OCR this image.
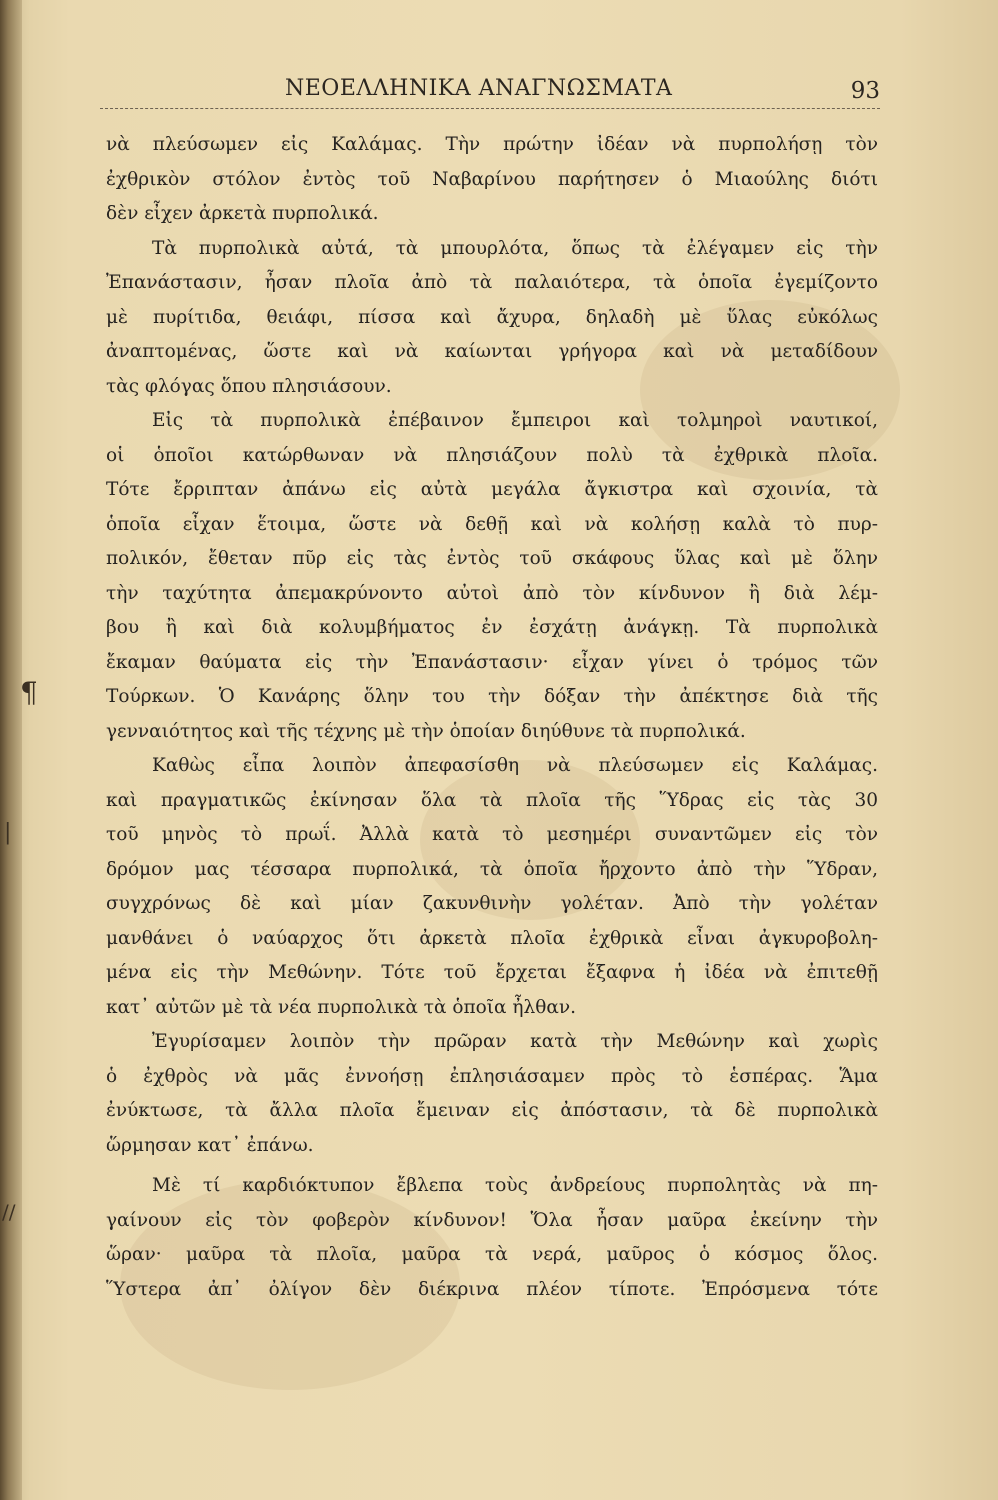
¶
|
//
ΝΕΟΕΛΛΗΝΙΚΑ ΑΝΑΓΝΩΣΜΑΤΑ	93
νὰ πλεύσωμεν εἰς Καλάμας. Τὴν πρώτην ἰδέαν νὰ πυρπολήσῃ τὸν
ἐχθρικὸν στόλον ἐντὸς τοῦ Ναβαρίνου παρήτησεν ὁ Μιαούλης διότι
δὲν εἶχεν ἀρκετὰ πυρπολικά.
Τὰ πυρπολικὰ αὐτά, τὰ μπουρλότα, ὅπως τὰ ἐλέγαμεν εἰς τὴν
Ἐπανάστασιν, ἦσαν πλοῖα ἀπὸ τὰ παλαιότερα, τὰ ὁποῖα ἐγεμίζοντο
μὲ πυρίτιδα, θειάφι, πίσσα καὶ ἄχυρα, δηλαδὴ μὲ ὕλας εὐκόλως
ἀναπτομένας, ὥστε καὶ νὰ καίωνται γρήγορα καὶ νὰ μεταδίδουν
τὰς φλόγας ὅπου πλησιάσουν.
Εἰς τὰ πυρπολικὰ ἐπέβαινον ἔμπειροι καὶ τολμηροὶ ναυτικοί,
οἱ ὁποῖοι κατώρθωναν νὰ πλησιάζουν πολὺ τὰ ἐχθρικὰ πλοῖα.
Τότε ἔρριπταν ἀπάνω εἰς αὐτὰ μεγάλα ἄγκιστρα καὶ σχοινία, τὰ
ὁποῖα εἶχαν ἕτοιμα, ὥστε νὰ δεθῇ καὶ νὰ κολήσῃ καλὰ τὸ πυρ-
πολικόν, ἔθεταν πῦρ εἰς τὰς ἐντὸς τοῦ σκάφους ὕλας καὶ μὲ ὅλην
τὴν ταχύτητα ἀπεμακρύνοντο αὐτοὶ ἀπὸ τὸν κίνδυνον ἢ διὰ λέμ-
βου ἢ καὶ διὰ κολυμβήματος ἐν ἐσχάτῃ ἀνάγκῃ. Τὰ πυρπολικὰ
ἔκαμαν θαύματα εἰς τὴν Ἐπανάστασιν· εἶχαν γίνει ὁ τρόμος τῶν
Τούρκων. Ὁ Κανάρης ὅλην του τὴν δόξαν τὴν ἀπέκτησε διὰ τῆς
γενναιότητος καὶ τῆς τέχνης μὲ τὴν ὁποίαν διηύθυνε τὰ πυρπολικά.
Καθὼς εἶπα λοιπὸν ἀπεφασίσθη νὰ πλεύσωμεν εἰς Καλάμας.
καὶ πραγματικῶς ἐκίνησαν ὅλα τὰ πλοῖα τῆς Ὕδρας εἰς τὰς 30
τοῦ μηνὸς τὸ πρωΐ. Ἀλλὰ κατὰ τὸ μεσημέρι συναντῶμεν εἰς τὸν
δρόμον μας τέσσαρα πυρπολικά, τὰ ὁποῖα ἤρχοντο ἀπὸ τὴν Ὕδραν,
συγχρόνως δὲ καὶ μίαν ζακυνθινὴν γολέταν. Ἀπὸ τὴν γολέταν
μανθάνει ὁ ναύαρχος ὅτι ἀρκετὰ πλοῖα ἐχθρικὰ εἶναι ἀγκυροβολη-
μένα εἰς τὴν Μεθώνην. Τότε τοῦ ἔρχεται ἔξαφνα ἡ ἰδέα νὰ ἐπιτεθῇ
κατ᾽ αὐτῶν μὲ τὰ νέα πυρπολικὰ τὰ ὁποῖα ἦλθαν.
Ἐγυρίσαμεν λοιπὸν τὴν πρῶραν κατὰ τὴν Μεθώνην καὶ χωρὶς
ὁ ἐχθρὸς νὰ μᾶς ἐννοήσῃ ἐπλησιάσαμεν πρὸς τὸ ἑσπέρας. Ἅμα
ἐνύκτωσε, τὰ ἄλλα πλοῖα ἔμειναν εἰς ἀπόστασιν, τὰ δὲ πυρπολικὰ
ὥρμησαν κατ᾽ ἐπάνω.
Μὲ τί καρδιόκτυπον ἔβλεπα τοὺς ἀνδρείους πυρπολητὰς νὰ πη-
γαίνουν εἰς τὸν φοβερὸν κίνδυνον! Ὅλα ἦσαν μαῦρα ἐκείνην τὴν
ὥραν· μαῦρα τὰ πλοῖα, μαῦρα τὰ νερά, μαῦρος ὁ κόσμος ὅλος.
Ὕστερα ἀπ᾽ ὀλίγον δὲν διέκρινα πλέον τίποτε. Ἐπρόσμενα τότε
